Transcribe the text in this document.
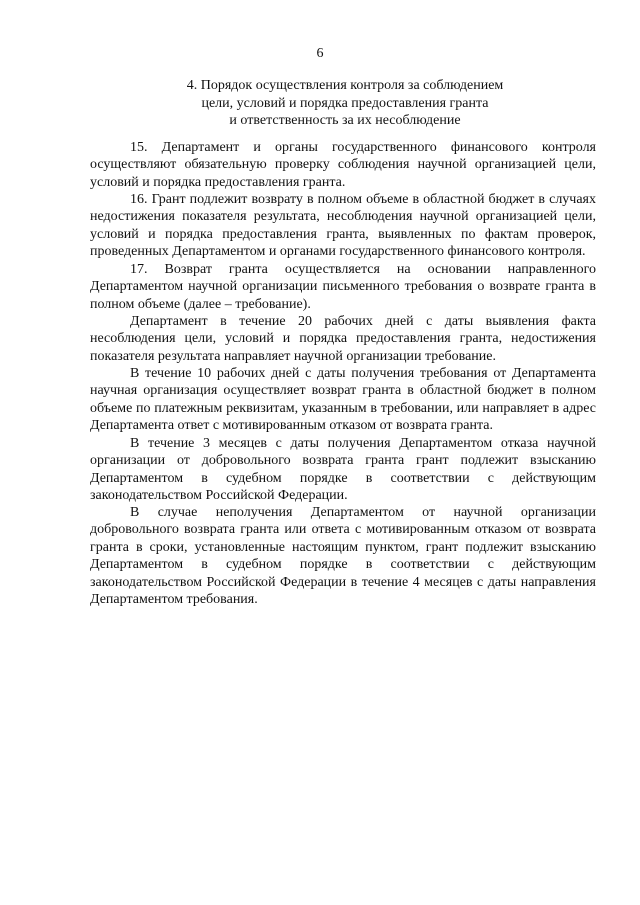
6
4. Порядок осуществления контроля за соблюдением
цели, условий и порядка предоставления гранта
и ответственность за их несоблюдение

15. Департамент и органы государственного финансового контроля осуществляют обязательную проверку соблюдения научной организацией цели, условий и порядка предоставления гранта.

16. Грант подлежит возврату в полном объеме в областной бюджет в случаях недостижения показателя результата, несоблюдения научной организацией цели, условий и порядка предоставления гранта, выявленных по фактам проверок, проведенных Департаментом и органами государственного финансового контроля.

17. Возврат гранта осуществляется на основании направленного Департаментом научной организации письменного требования о возврате гранта в полном объеме (далее – требование).

Департамент в течение 20 рабочих дней с даты выявления факта несоблюдения цели, условий и порядка предоставления гранта, недостижения показателя результата направляет научной организации требование.

В течение 10 рабочих дней с даты получения требования от Департамента научная организация осуществляет возврат гранта в областной бюджет в полном объеме по платежным реквизитам, указанным в требовании, или направляет в адрес Департамента ответ с мотивированным отказом от возврата гранта.

В течение 3 месяцев с даты получения Департаментом отказа научной организации от добровольного возврата гранта грант подлежит взысканию Департаментом в судебном порядке в соответствии с действующим законодательством Российской Федерации.

В случае неполучения Департаментом от научной организации добровольного возврата гранта или ответа с мотивированным отказом от возврата гранта в сроки, установленные настоящим пунктом, грант подлежит взысканию Департаментом в судебном порядке в соответствии с действующим законодательством Российской Федерации в течение 4 месяцев с даты направления Департаментом требования.
